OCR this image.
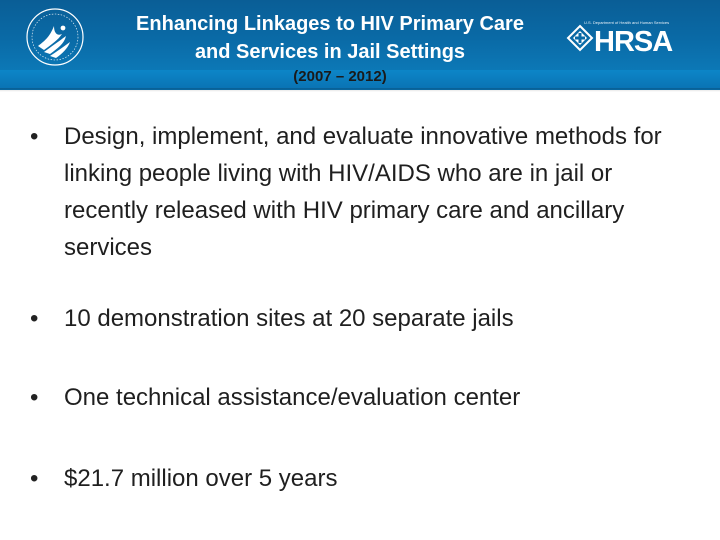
Enhancing Linkages to HIV Primary Care
and Services in Jail Settings
(2007 – 2012)
U.S. Department of Health and Human Services
HRSA
• Design, implement, and evaluate innovative methods for linking people living with HIV/AIDS who are in jail or recently released with HIV primary care and ancillary services
• 10 demonstration sites at 20 separate jails
• One technical assistance/evaluation center
• $21.7 million over 5 years
